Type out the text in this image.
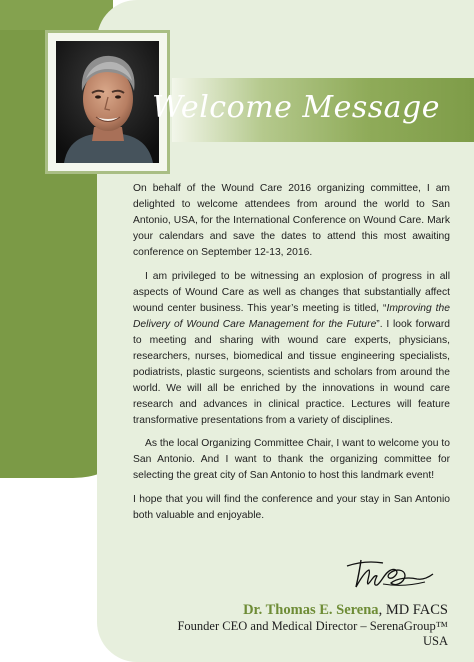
Welcome Message

On behalf of the Wound Care 2016 organizing committee, I am delighted to welcome attendees from around the world to San Antonio, USA, for the International Conference on Wound Care. Mark your calendars and save the dates to attend this most awaiting conference on September 12-13, 2016.

I am privileged to be witnessing an explosion of progress in all aspects of Wound Care as well as changes that substantially affect wound center business. This year’s meeting is titled, “Improving the Delivery of Wound Care Management for the Future”. I look forward to meeting and sharing with wound care experts, physicians, researchers, nurses, biomedical and tissue engineering specialists, podiatrists, plastic surgeons, scientists and scholars from around the world. We will all be enriched by the innovations in wound care research and advances in clinical practice. Lectures will feature transformative presentations from a variety of disciplines.

As the local Organizing Committee Chair, I want to welcome you to San Antonio. And I want to thank the organizing committee for selecting the great city of San Antonio to host this landmark event!

I hope that you will find the conference and your stay in San Antonio both valuable and enjoyable.

Dr. Thomas E. Serena, MD FACS
Founder CEO and Medical Director – SerenaGroup™
USA
